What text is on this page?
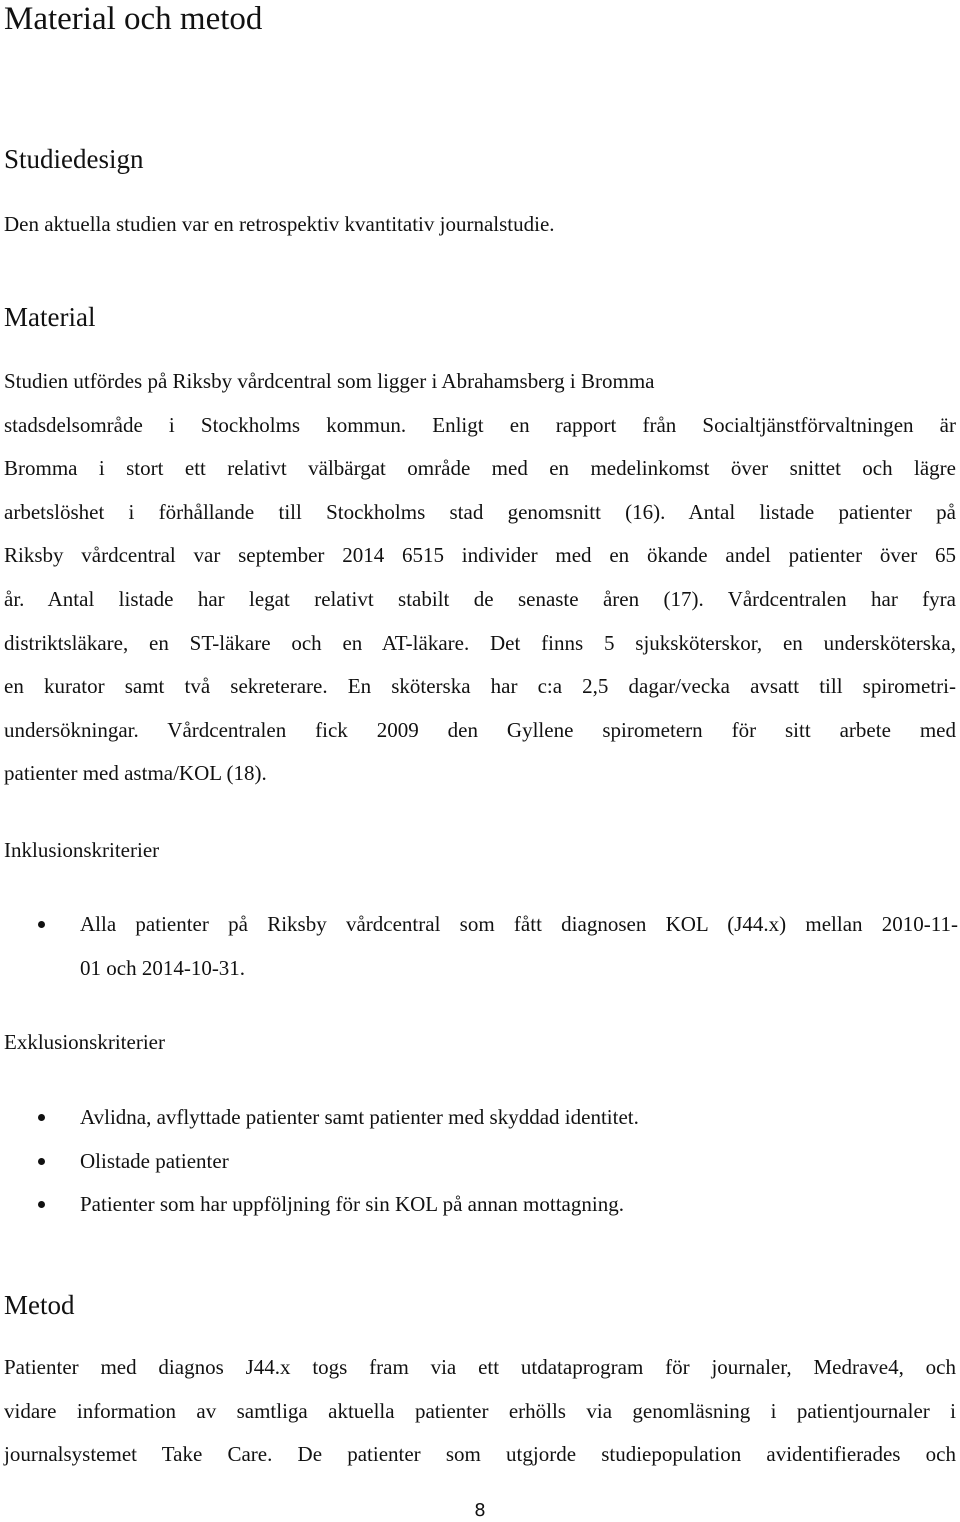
Material och metod
Studiedesign

Den aktuella studien var en retrospektiv kvantitativ journalstudie.

Material
Studien utfördes på Riksby vårdcentral som ligger i Abrahamsberg i Bromma
stadsdelsområde i Stockholms kommun. Enligt en rapport från Socialtjänstförvaltningen är
Bromma i stort ett relativt välbärgat område med en medelinkomst över snittet och lägre
arbetslöshet i förhållande till Stockholms stad genomsnitt (16). Antal listade patienter på
Riksby vårdcentral var september 2014 6515 individer med en ökande andel patienter över 65
år. Antal listade har legat relativt stabilt de senaste åren (17). Vårdcentralen har fyra
distriktsläkare, en ST-läkare och en AT-läkare. Det finns 5 sjuksköterskor, en undersköterska,
en kurator samt två sekreterare. En sköterska har c:a 2,5 dagar/vecka avsatt till spirometri-
undersökningar. Vårdcentralen fick 2009 den Gyllene spirometern för sitt arbete med
patienter med astma/KOL (18).
Inklusionskriterier
Alla patienter på Riksby vårdcentral som fått diagnosen KOL (J44.x) mellan 2010-11-
01 och 2014-10-31.
Exklusionskriterier
Avlidna, avflyttade patienter samt patienter med skyddad identitet.
Olistade patienter
Patienter som har uppföljning för sin KOL på annan mottagning.
Metod
Patienter med diagnos J44.x togs fram via ett utdataprogram för journaler, Medrave4, och
vidare information av samtliga aktuella patienter erhölls via genomläsning i patientjournaler i
journalsystemet Take Care. De patienter som utgjorde studiepopulation avidentifierades och
8
